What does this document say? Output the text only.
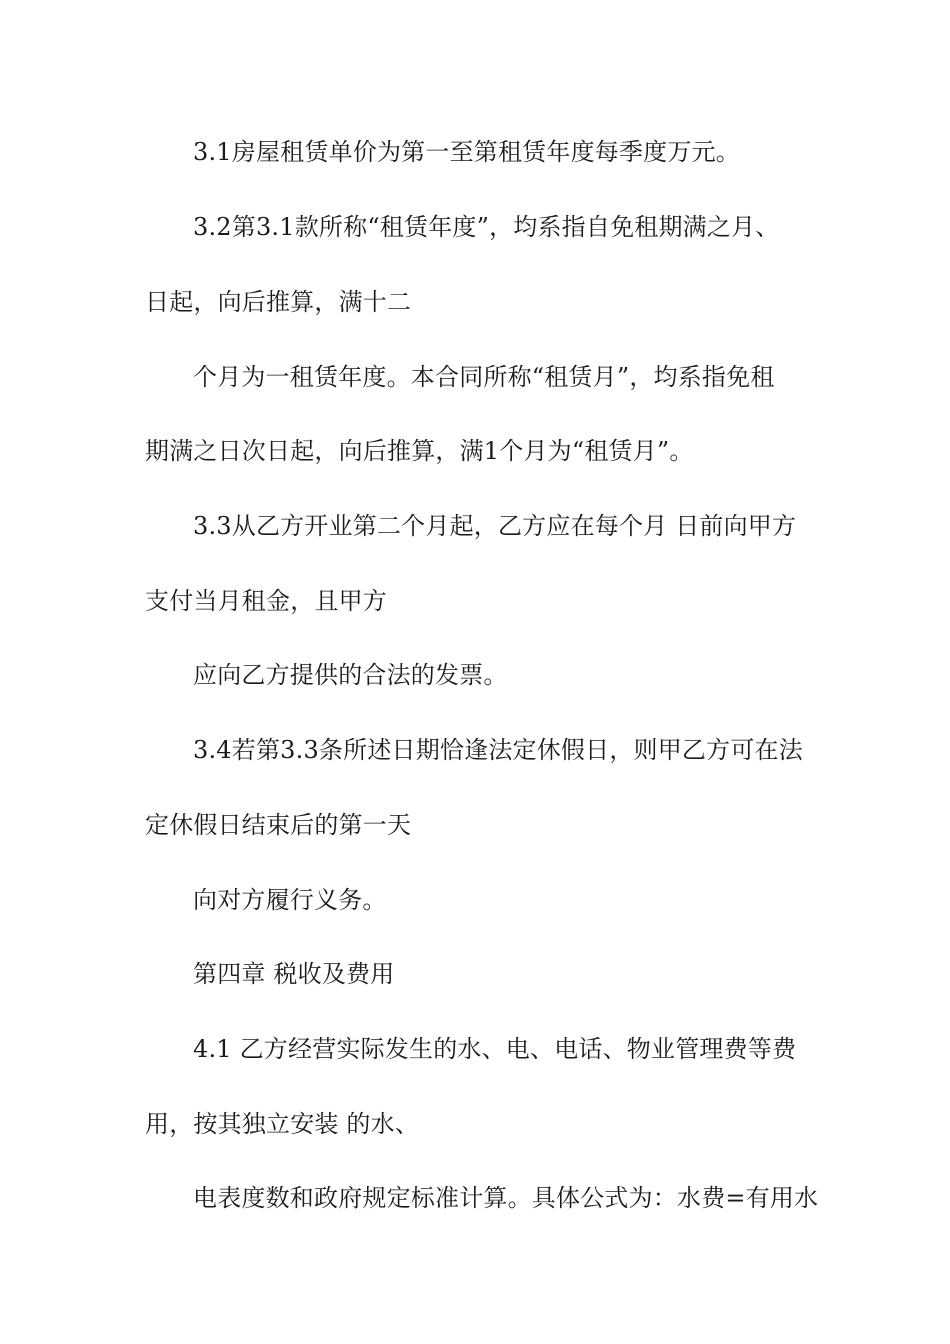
3.1房屋租赁单价为第一至第租赁年度每季度万元。

3.2第3.1款所称“租赁年度”，均系指自免租期满之月、

日起，向后推算，满十二

个月为一租赁年度。本合同所称“租赁月”，均系指免租

期满之日次日起，向后推算，满1个月为“租赁月”。

3.3从乙方开业第二个月起，乙方应在每个月 日前向甲方

支付当月租金，且甲方

应向乙方提供的合法的发票。

3.4若第3.3条所述日期恰逢法定休假日，则甲乙方可在法

定休假日结束后的第一天

向对方履行义务。

第四章 税收及费用

4.1 乙方经营实际发生的水、电、电话、物业管理费等费

用，按其独立安装 的水、

电表度数和政府规定标准计算。具体公式为：水费=有用水
